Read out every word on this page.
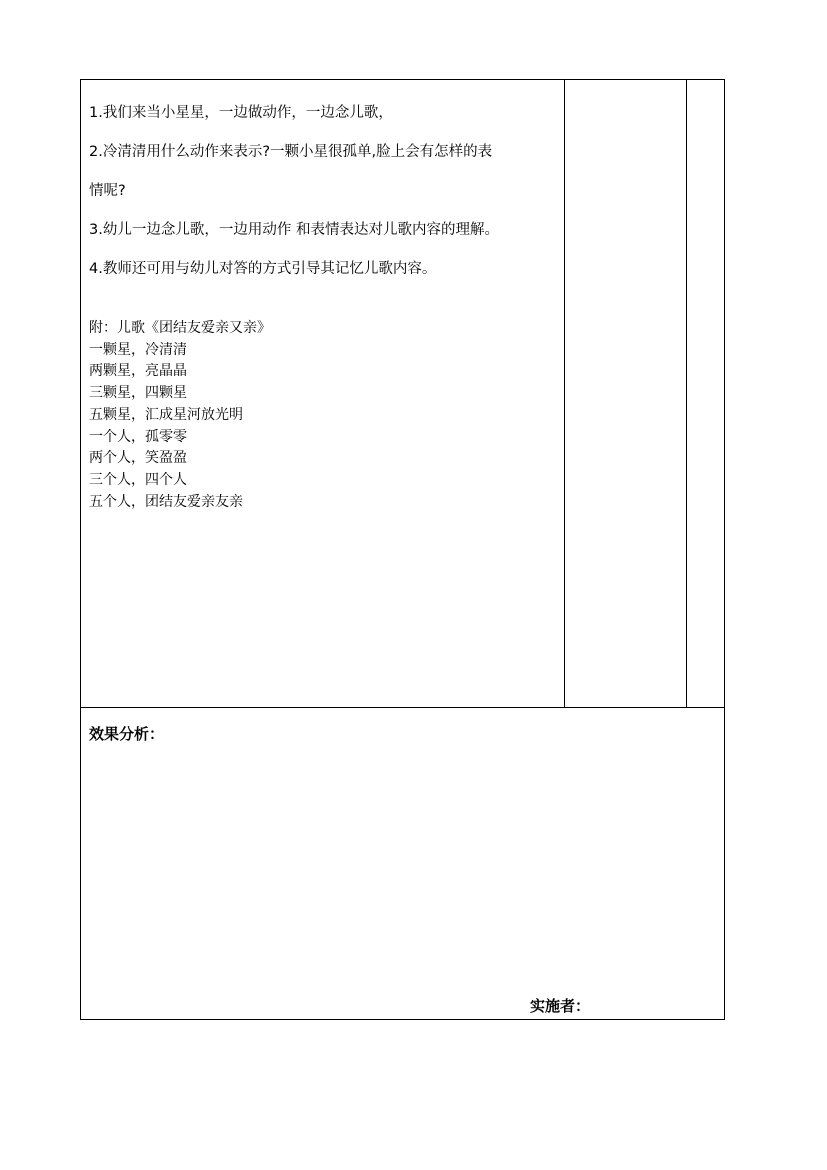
1.我们来当小星星，一边做动作，一边念儿歌，

2.冷清清用什么动作来表示?一颗小星很孤单,脸上会有怎样的表

情呢?

3.幼儿一边念儿歌，一边用动作 和表情表达对儿歌内容的理解。

4.教师还可用与幼儿对答的方式引导其记忆儿歌内容。

附：儿歌《团结友爱亲又亲》

一颗星，冷清清

两颗星，亮晶晶

三颗星，四颗星

五颗星，汇成星河放光明

一个人，孤零零

两个人，笑盈盈

三个人，四个人

五个人，团结友爱亲友亲

效果分析：
实施者：
